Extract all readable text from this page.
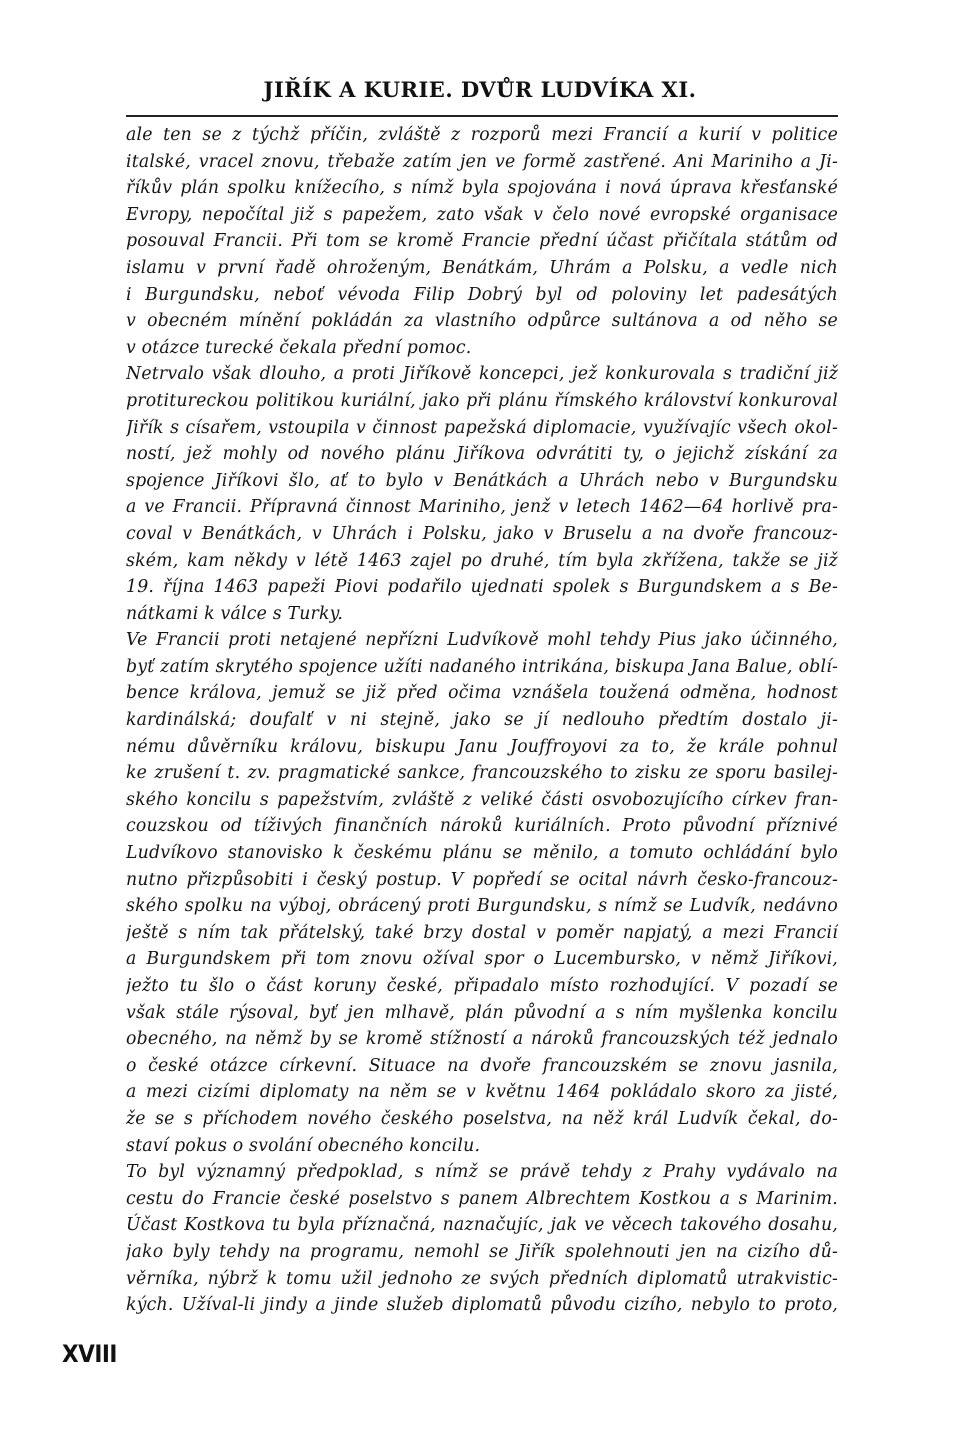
JIŘÍK A KURIE. DVŮR LUDVÍKA XI.
ale ten se z týchž příčin, zvláště z rozporů mezi Francií a kurií v politice
italské, vracel znovu, třebaže zatím jen ve formě zastřené. Ani Mariniho a Ji-
říkův plán spolku knížecího, s nímž byla spojována i nová úprava křesťanské
Evropy, nepočítal již s papežem, zato však v čelo nové evropské organisace
posouval Francii. Při tom se kromě Francie přední účast přičítala státům od
islamu v první řadě ohroženým, Benátkám, Uhrám a Polsku, a vedle nich
i Burgundsku, neboť vévoda Filip Dobrý byl od poloviny let padesátých
v obecném mínění pokládán za vlastního odpůrce sultánova a od něho se
v otázce turecké čekala přední pomoc.
Netrvalo však dlouho, a proti Jiříkově koncepci, jež konkurovala s tradiční již
protitureckou politikou kuriální, jako při plánu římského království konkuroval
Jiřík s císařem, vstoupila v činnost papežská diplomacie, využívajíc všech okol-
ností, jež mohly od nového plánu Jiříkova odvrátiti ty, o jejichž získání za
spojence Jiříkovi šlo, ať to bylo v Benátkách a Uhrách nebo v Burgundsku
a ve Francii. Přípravná činnost Mariniho, jenž v letech 1462—64 horlivě pra-
coval v Benátkách, v Uhrách i Polsku, jako v Bruselu a na dvoře francouz-
ském, kam někdy v létě 1463 zajel po druhé, tím byla zkřížena, takže se již
19. října 1463 papeži Piovi podařilo ujednati spolek s Burgundskem a s Be-
nátkami k válce s Turky.
Ve Francii proti netajené nepřízni Ludvíkově mohl tehdy Pius jako účinného,
byť zatím skrytého spojence užíti nadaného intrikána, biskupa Jana Balue, oblí-
bence králova, jemuž se již před očima vznášela toužená odměna, hodnost
kardinálská; doufalť v ni stejně, jako se jí nedlouho předtím dostalo ji-
nému důvěrníku královu, biskupu Janu Jouffroyovi za to, že krále pohnul
ke zrušení t. zv. pragmatické sankce, francouzského to zisku ze sporu basilej-
ského koncilu s papežstvím, zvláště z veliké části osvobozujícího církev fran-
couzskou od tíživých finančních nároků kuriálních. Proto původní příznivé
Ludvíkovo stanovisko k českému plánu se měnilo, a tomuto ochládání bylo
nutno přizpůsobiti i český postup. V popředí se ocital návrh česko-francouz-
ského spolku na výboj, obrácený proti Burgundsku, s nímž se Ludvík, nedávno
ještě s ním tak přátelský, také brzy dostal v poměr napjatý, a mezi Francií
a Burgundskem při tom znovu ožíval spor o Lucembursko, v němž Jiříkovi,
ježto tu šlo o část koruny české, připadalo místo rozhodující. V pozadí se
však stále rýsoval, byť jen mlhavě, plán původní a s ním myšlenka koncilu
obecného, na němž by se kromě stížností a nároků francouzských též jednalo
o české otázce církevní. Situace na dvoře francouzském se znovu jasnila,
a mezi cizími diplomaty na něm se v květnu 1464 pokládalo skoro za jisté,
že se s příchodem nového českého poselstva, na něž král Ludvík čekal, do-
staví pokus o svolání obecného koncilu.
To byl významný předpoklad, s nímž se právě tehdy z Prahy vydávalo na
cestu do Francie české poselstvo s panem Albrechtem Kostkou a s Marinim.
Účast Kostkova tu byla příznačná, naznačujíc, jak ve věcech takového dosahu,
jako byly tehdy na programu, nemohl se Jiřík spolehnouti jen na cizího dů-
věrníka, nýbrž k tomu užil jednoho ze svých předních diplomatů utrakvistic-
kých. Užíval-li jindy a jinde služeb diplomatů původu cizího, nebylo to proto,
XVIII
